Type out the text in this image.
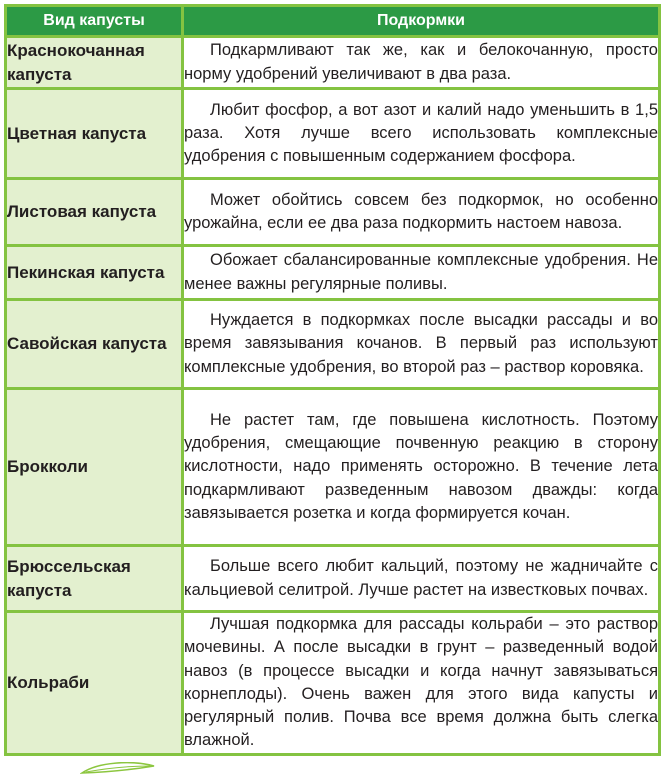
Вид капусты	Подкормки
Краснокочанная капуста	Подкармливают так же, как и белокочанную, просто норму удобрений увеличивают в два раза.
Цветная капуста	Любит фосфор, а вот азот и калий надо уменьшить в 1,5 раза. Хотя лучше всего использовать комплексные удобрения с повышенным содержанием фосфора.
Листовая капуста	Может обойтись совсем без подкормок, но особенно урожайна, если ее два раза подкормить настоем навоза.
Пекинская капуста	Обожает сбалансированные комплексные удобрения. Не менее важны регулярные поливы.
Савойская капуста	Нуждается в подкормках после высадки рассады и во время завязывания кочанов. В первый раз используют комплексные удобрения, во второй раз – раствор коровяка.
Брокколи	Не растет там, где повышена кислотность. Поэтому удобрения, смещающие почвенную реакцию в сторону кислотности, надо применять осторожно. В течение лета подкармливают разведенным навозом дважды: когда завязывается розетка и когда формируется кочан.
Брюссельская капуста	Больше всего любит кальций, поэтому не жадничайте с кальциевой селитрой. Лучше растет на известковых почвах.
Кольраби	Лучшая подкормка для рассады кольраби – это раствор мочевины. А после высадки в грунт – разведенный водой навоз (в процессе высадки и когда начнут завязываться корнеплоды). Очень важен для этого вида капусты и регулярный полив. Почва все время должна быть слегка влажной.
